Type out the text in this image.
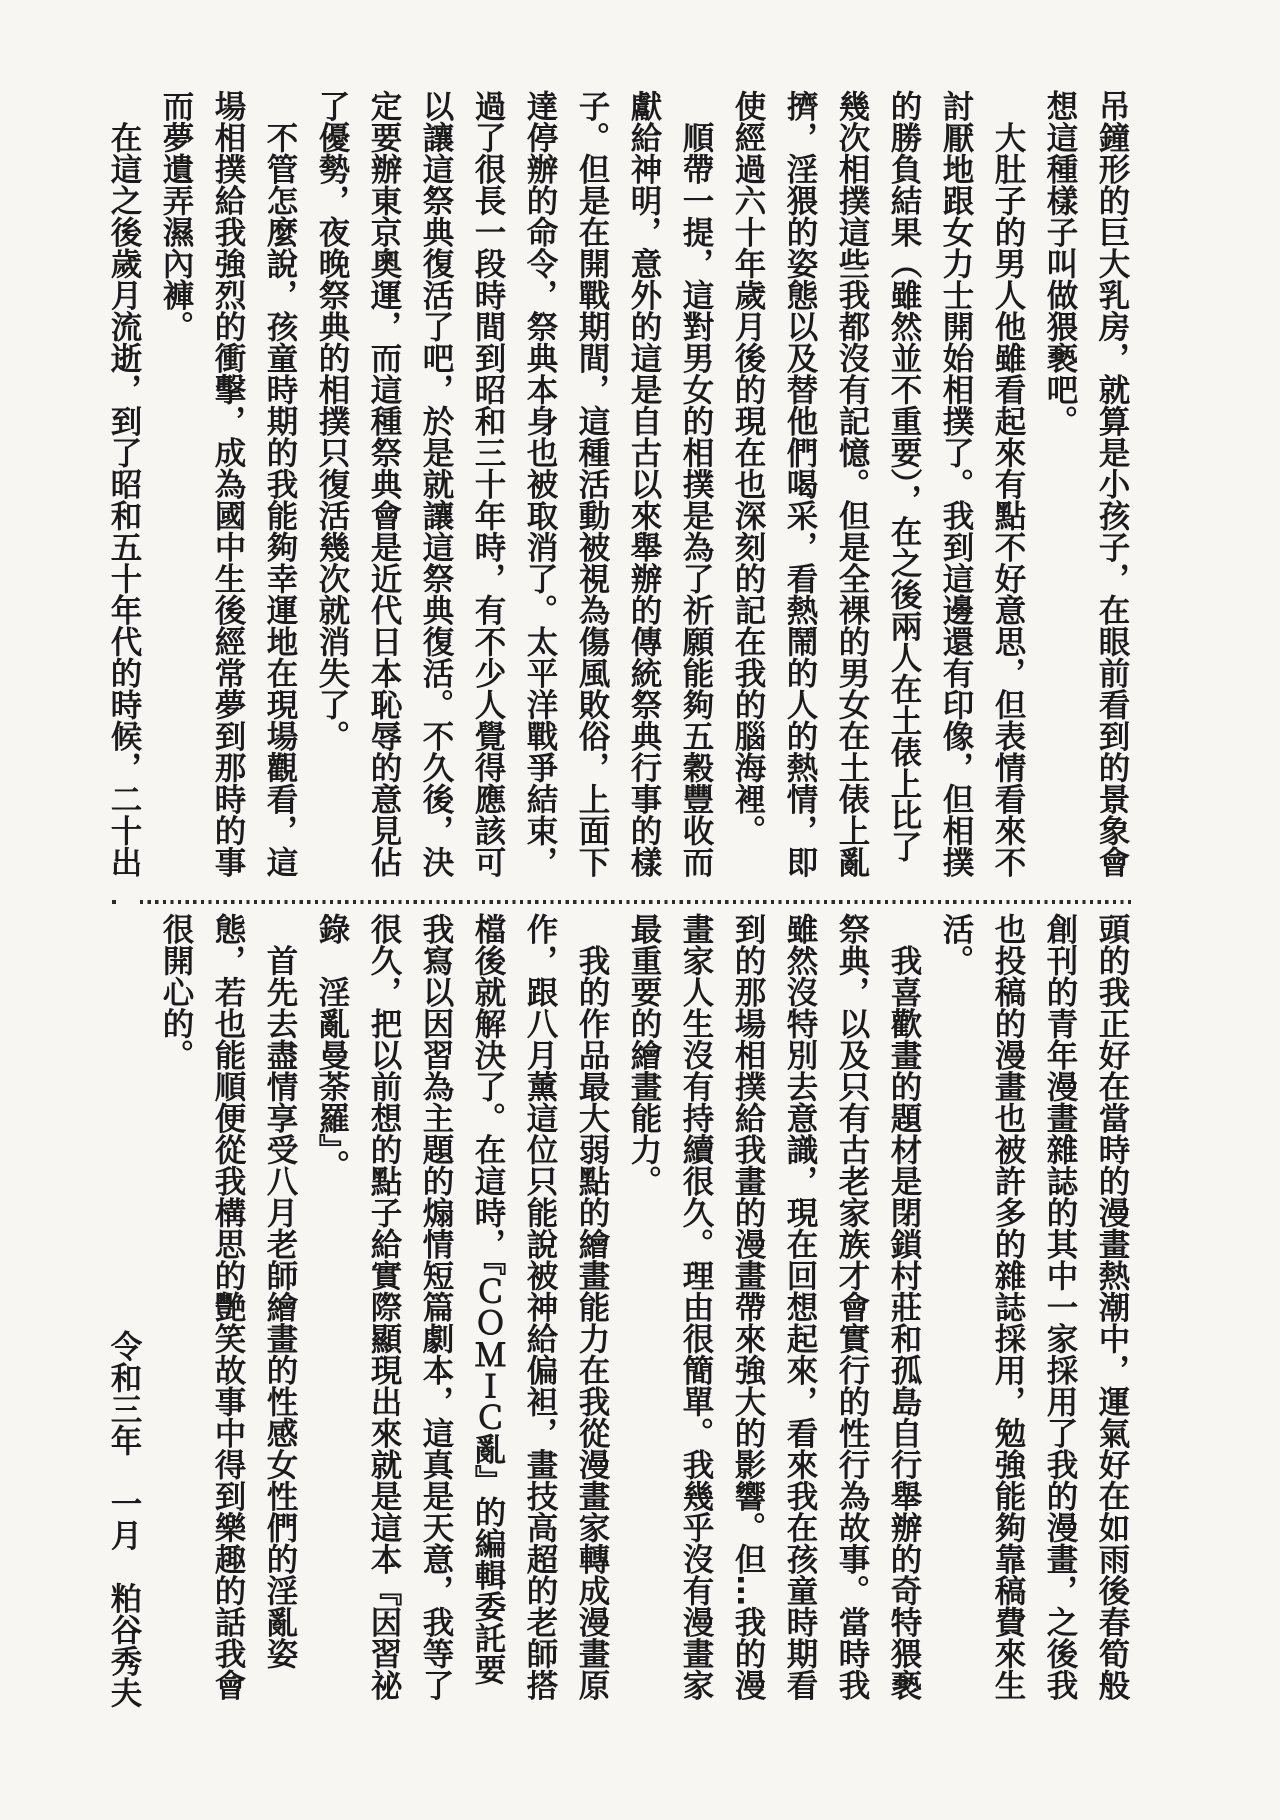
吊鐘形的巨大乳房，就算是小孩子，在眼前看到的景象會
想這種樣子叫做猥褻吧。
　大肚子的男人他雖看起來有點不好意思，但表情看來不
討厭地跟女力士開始相撲了。我到這邊還有印像，但相撲
的勝負結果（雖然並不重要），在之後兩人在土俵上比了
幾次相撲這些我都沒有記憶。但是全裸的男女在土俵上亂
擠，淫猥的姿態以及替他們喝采，看熱鬧的人的熱情，即
使經過六十年歲月後的現在也深刻的記在我的腦海裡。
　順帶一提，這對男女的相撲是為了祈願能夠五穀豐收而
獻給神明，意外的這是自古以來舉辦的傳統祭典行事的樣
子。但是在開戰期間，這種活動被視為傷風敗俗，上面下
達停辦的命令，祭典本身也被取消了。太平洋戰爭結束，
過了很長一段時間到昭和三十年時，有不少人覺得應該可
以讓這祭典復活了吧，於是就讓這祭典復活。不久後，決
定要辦東京奧運，而這種祭典會是近代日本恥辱的意見佔
了優勢，夜晚祭典的相撲只復活幾次就消失了。
　不管怎麼說，孩童時期的我能夠幸運地在現場觀看，這
場相撲給我強烈的衝擊，成為國中生後經常夢到那時的事
而夢遺弄濕內褲。
　在這之後歲月流逝，到了昭和五十年代的時候，二十出
頭的我正好在當時的漫畫熱潮中，運氣好在如雨後春筍般
創刊的青年漫畫雜誌的其中一家採用了我的漫畫，之後我
也投稿的漫畫也被許多的雜誌採用，勉強能夠靠稿費來生
活。
　我喜歡畫的題材是閉鎖村莊和孤島自行舉辦的奇特猥褻
祭典，以及只有古老家族才會實行的性行為故事。當時我
雖然沒特別去意識，現在回想起來，看來我在孩童時期看
到的那場相撲給我畫的漫畫帶來強大的影響。但…我的漫
畫家人生沒有持續很久。理由很簡單。我幾乎沒有漫畫家
最重要的繪畫能力。
　我的作品最大弱點的繪畫能力在我從漫畫家轉成漫畫原
作，跟八月薰這位只能說被神給偏袒，畫技高超的老師搭
檔後就解決了。在這時，『ＣＯＭＩＣ亂』的編輯委託要
我寫以因習為主題的煽情短篇劇本，這真是天意，我等了
很久，把以前想的點子給實際顯現出來就是這本『因習祕
錄　淫亂曼荼羅』。
　首先去盡情享受八月老師繪畫的性感女性們的淫亂姿
態，若也能順便從我構思的艷笑故事中得到樂趣的話我會
很開心的。
令和三年　一月　粕谷秀夫
